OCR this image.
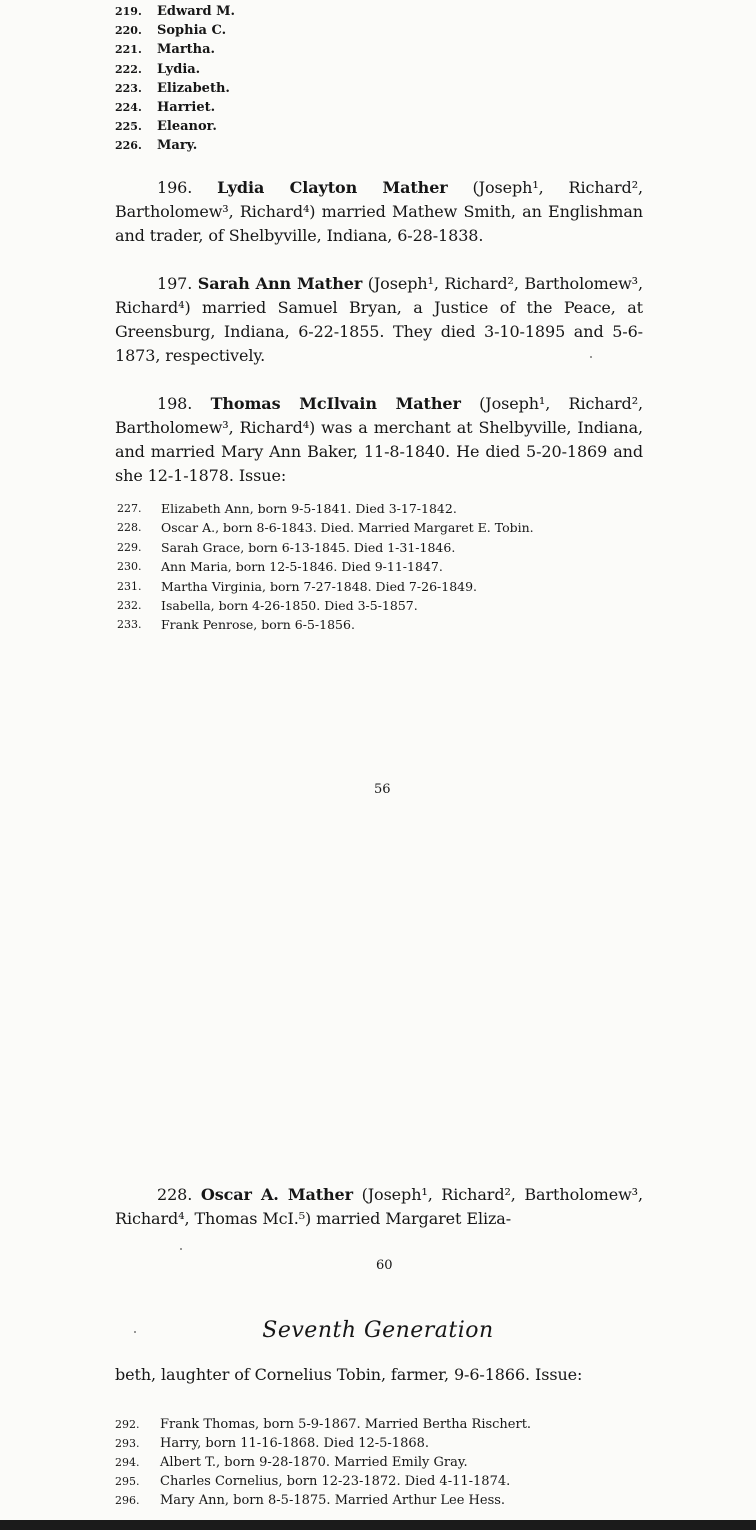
219.	Edward M.
220.	Sophia C.
221.	Martha.
222.	Lydia.
223.	Elizabeth.
224.	Harriet.
225.	Eleanor.
226.	Mary.

196. Lydia Clayton Mather (Joseph¹, Richard², Bartholomew³, Richard⁴) married Mathew Smith, an Englishman and trader, of Shelbyville, Indiana, 6-28-1838.

197. Sarah Ann Mather (Joseph¹, Richard², Bartholomew³, Richard⁴) married Samuel Bryan, a Justice of the Peace, at Greensburg, Indiana, 6-22-1855. They died 3-10-1895 and 5-6-1873, respectively.

198. Thomas McIlvain Mather (Joseph¹, Richard², Bartholomew³, Richard⁴) was a merchant at Shelbyville, Indiana, and married Mary Ann Baker, 11-8-1840. He died 5-20-1869 and she 12-1-1878. Issue:

227.	Elizabeth Ann, born 9-5-1841. Died 3-17-1842.
228.	Oscar A., born 8-6-1843. Died. Married Margaret E. Tobin.
229.	Sarah Grace, born 6-13-1845. Died 1-31-1846.
230.	Ann Maria, born 12-5-1846. Died 9-11-1847.
231.	Martha Virginia, born 7-27-1848. Died 7-26-1849.
232.	Isabella, born 4-26-1850. Died 3-5-1857.
233.	Frank Penrose, born 6-5-1856.
56

228. Oscar A. Mather (Joseph¹, Richard², Bartholomew³, Richard⁴, Thomas McI.⁵) married Margaret Eliza-

60
Seventh Generation

beth, laughter of Cornelius Tobin, farmer, 9-6-1866. Issue:

292.	Frank Thomas, born 5-9-1867. Married Bertha Rischert.
293.	Harry, born 11-16-1868. Died 12-5-1868.
294.	Albert T., born 9-28-1870. Married Emily Gray.
295.	Charles Cornelius, born 12-23-1872. Died 4-11-1874.
296.	Mary Ann, born 8-5-1875. Married Arthur Lee Hess.
